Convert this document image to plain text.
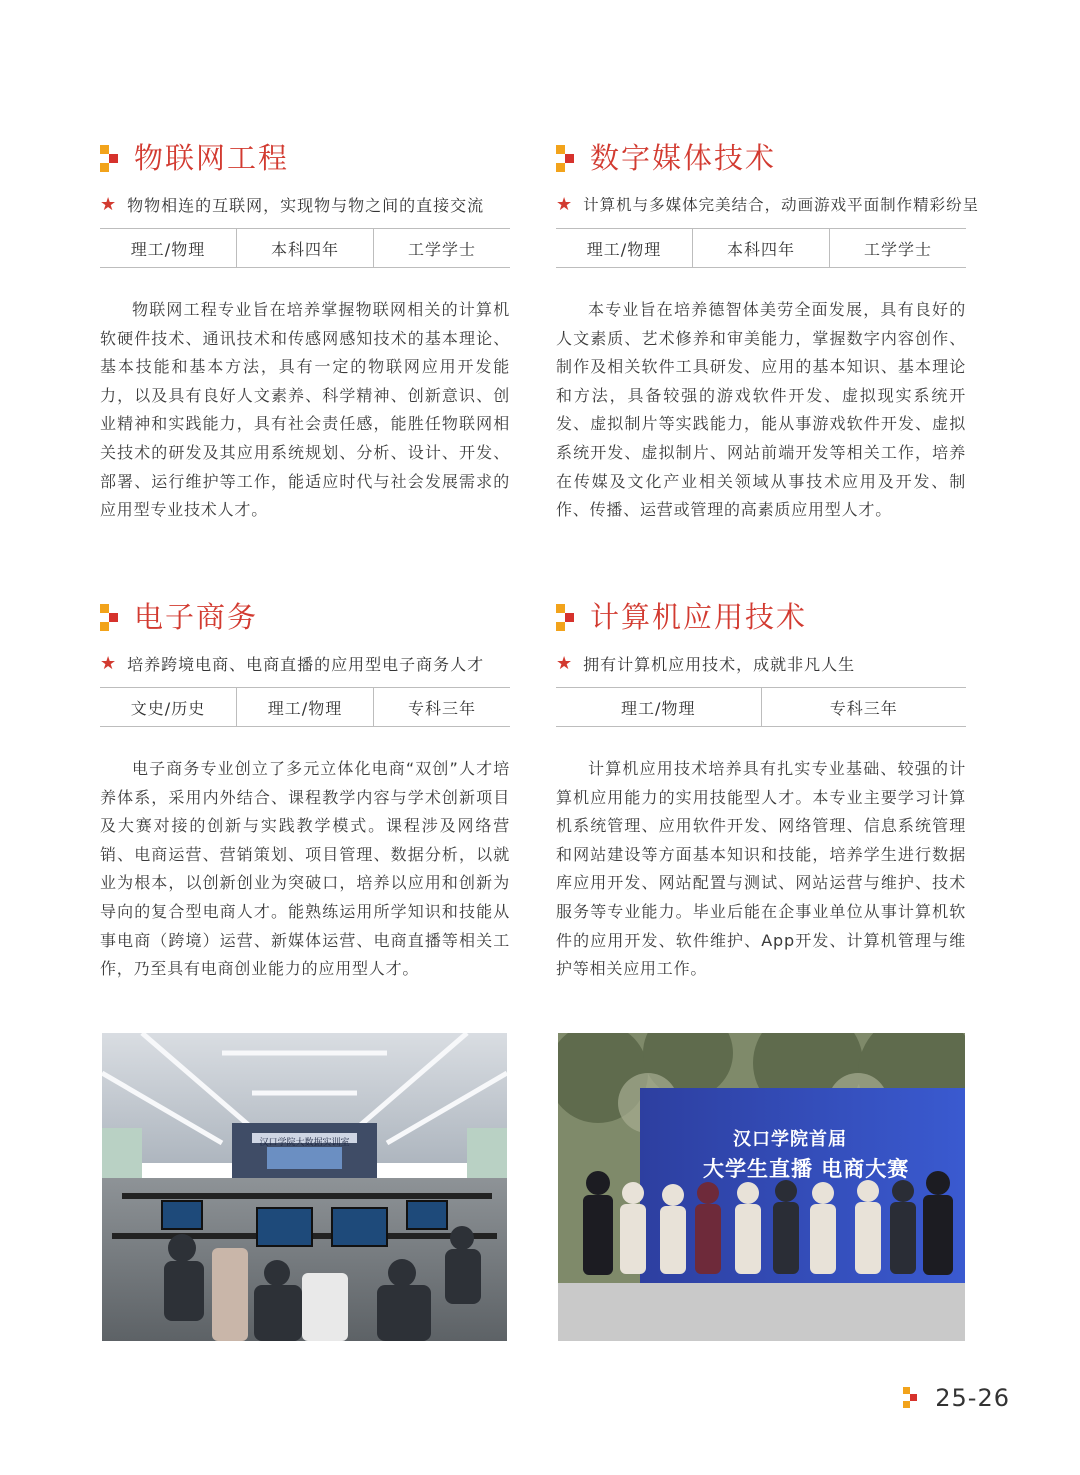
物联网工程
★ 物物相连的互联网，实现物与物之间的直接交流
理工/物理	本科四年	工学学士
物联网工程专业旨在培养掌握物联网相关的计算机软硬件技术、通讯技术和传感网感知技术的基本理论、基本技能和基本方法，具有一定的物联网应用开发能力，以及具有良好人文素养、科学精神、创新意识、创业精神和实践能力，具有社会责任感，能胜任物联网相关技术的研发及其应用系统规划、分析、设计、开发、部署、运行维护等工作，能适应时代与社会发展需求的应用型专业技术人才。
数字媒体技术
★ 计算机与多媒体完美结合，动画游戏平面制作精彩纷呈
理工/物理	本科四年	工学学士
本专业旨在培养德智体美劳全面发展，具有良好的人文素质、艺术修养和审美能力，掌握数字内容创作、制作及相关软件工具研发、应用的基本知识、基本理论和方法，具备较强的游戏软件开发、虚拟现实系统开发、虚拟制片等实践能力，能从事游戏软件开发、虚拟系统开发、虚拟制片、网站前端开发等相关工作，培养在传媒及文化产业相关领域从事技术应用及开发、制作、传播、运营或管理的高素质应用型人才。
电子商务
★ 培养跨境电商、电商直播的应用型电子商务人才
文史/历史	理工/物理	专科三年
电子商务专业创立了多元立体化电商“双创”人才培养体系，采用内外结合、课程教学内容与学术创新项目及大赛对接的创新与实践教学模式。课程涉及网络营销、电商运营、营销策划、项目管理、数据分析，以就业为根本，以创新创业为突破口，培养以应用和创新为导向的复合型电商人才。能熟练运用所学知识和技能从事电商（跨境）运营、新媒体运营、电商直播等相关工作，乃至具有电商创业能力的应用型人才。
计算机应用技术
★ 拥有计算机应用技术，成就非凡人生
理工/物理	专科三年
计算机应用技术培养具有扎实专业基础、较强的计算机应用能力的实用技能型人才。本专业主要学习计算机系统管理、应用软件开发、网络管理、信息系统管理和网站建设等方面基本知识和技能，培养学生进行数据库应用开发、网站配置与测试、网站运营与维护、技术服务等专业能力。毕业后能在企事业单位从事计算机软件的应用开发、软件维护、App开发、计算机管理与维护等相关应用工作。
汉口学院大数据实训室	汉口学院首届
大学生直播 电商大赛
25-26
